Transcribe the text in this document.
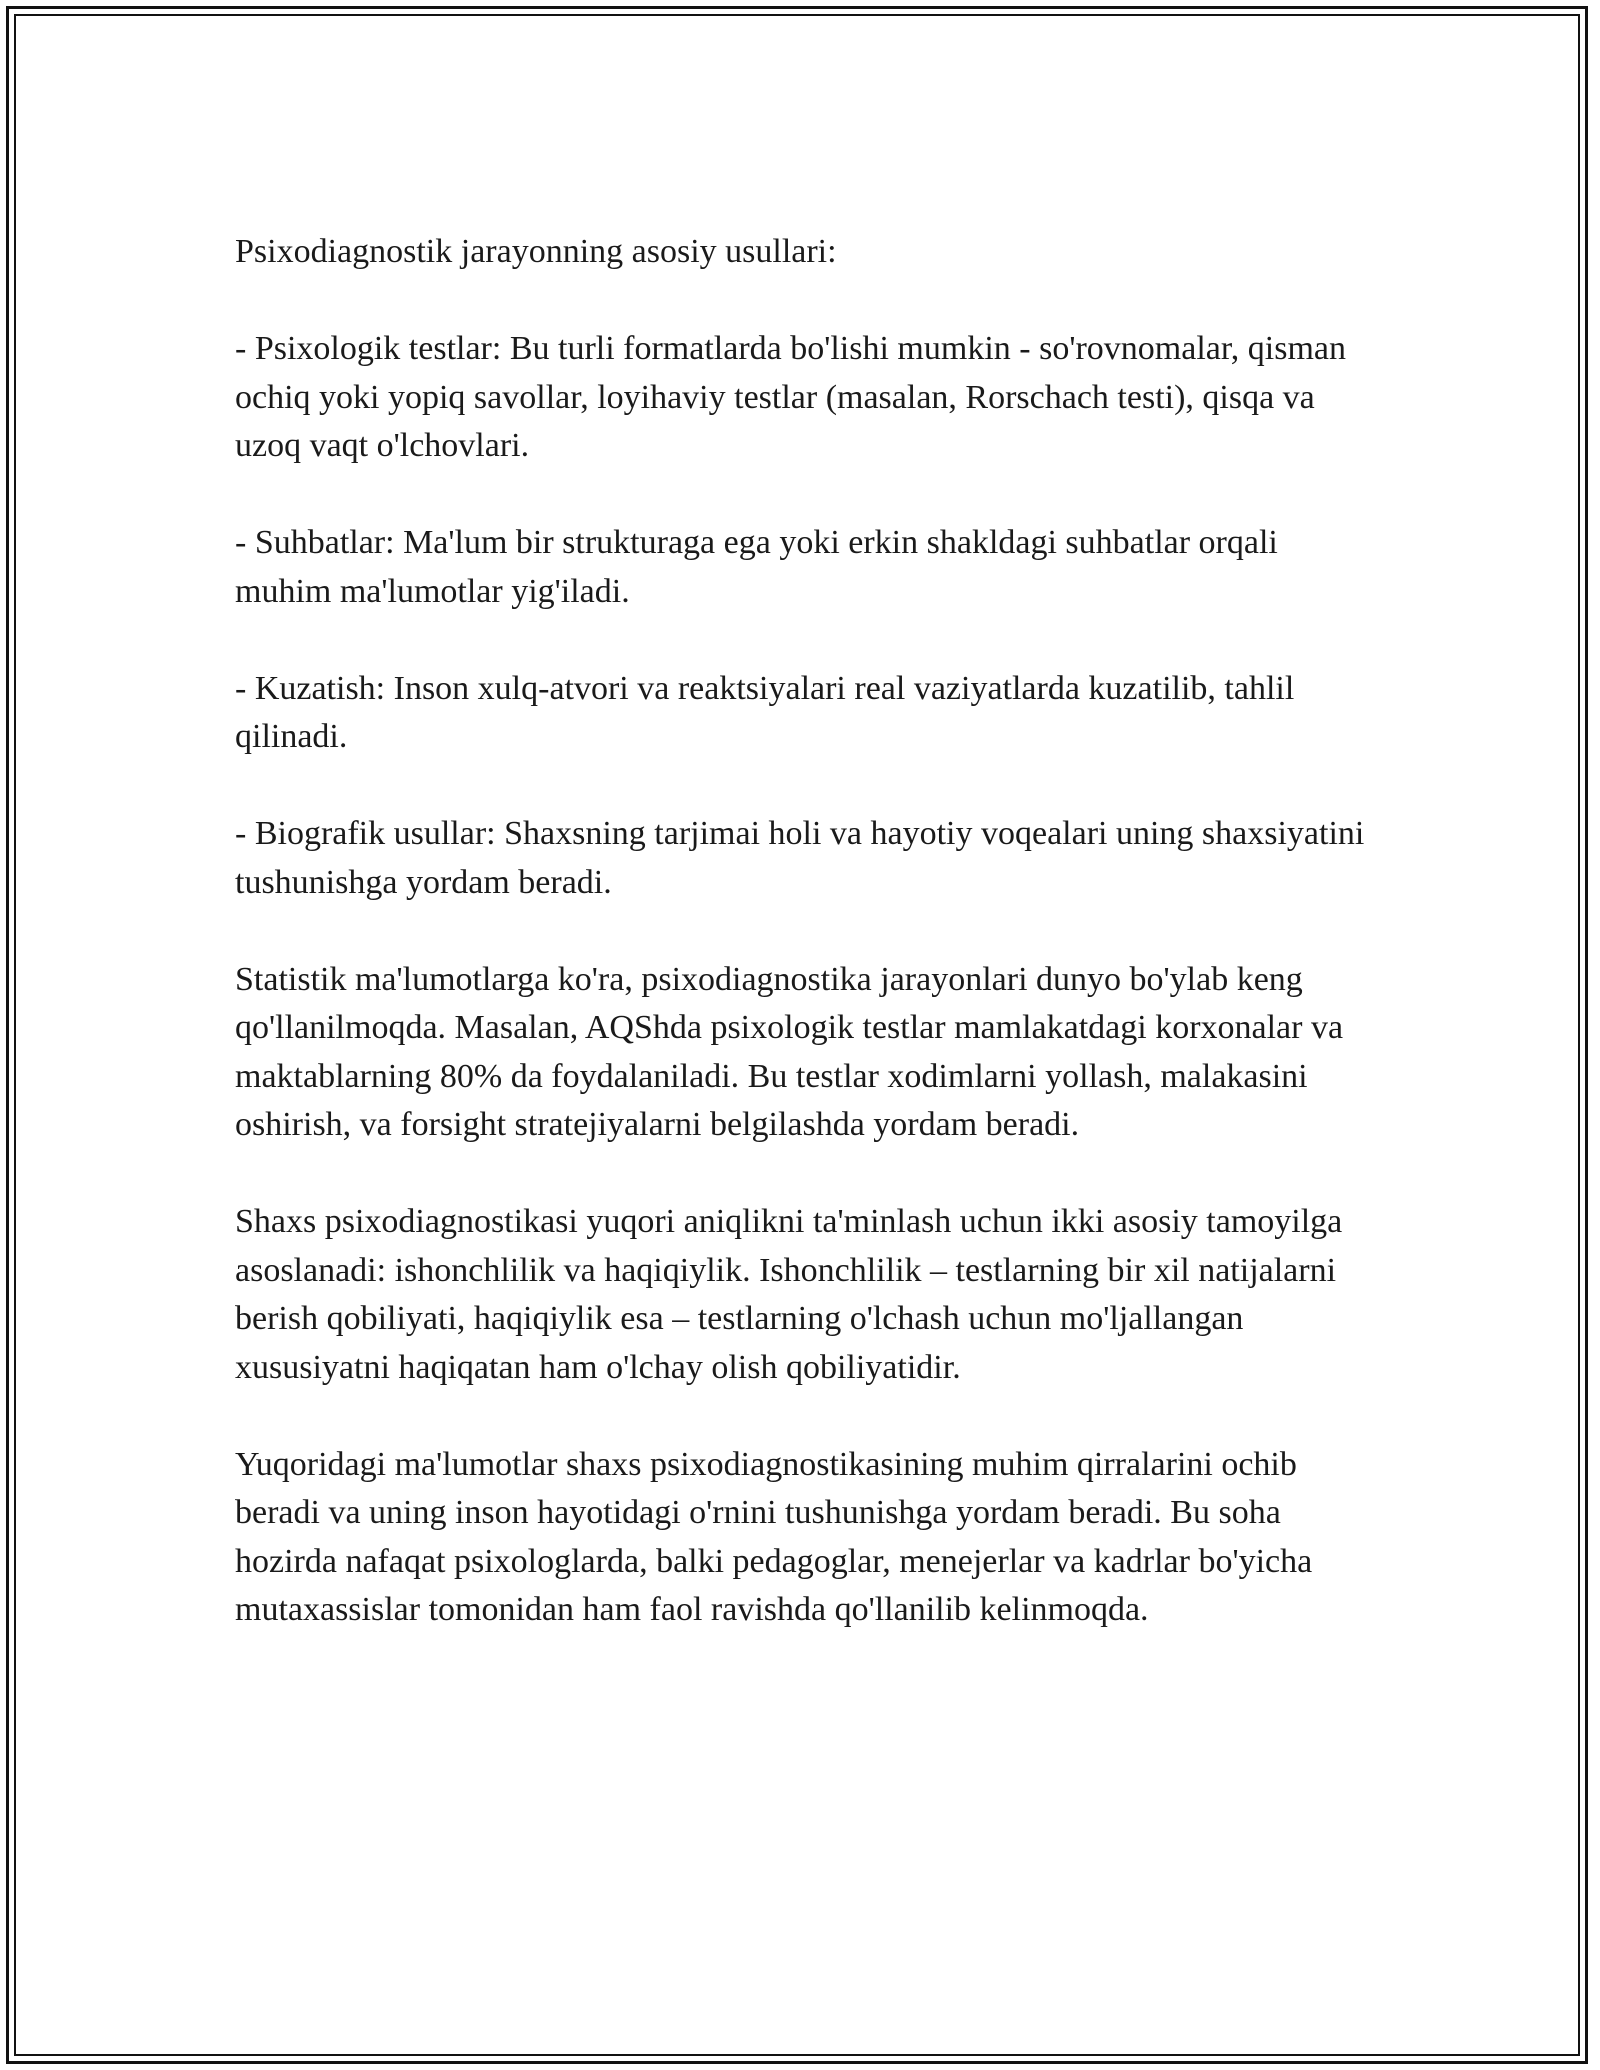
Psixodiagnostik jarayonning asosiy usullari:

- Psixologik testlar: Bu turli formatlarda bo'lishi mumkin - so'rovnomalar, qisman ochiq yoki yopiq savollar, loyihaviy testlar (masalan, Rorschach testi), qisqa va uzoq vaqt o'lchovlari.

- Suhbatlar: Ma'lum bir strukturaga ega yoki erkin shakldagi suhbatlar orqali muhim ma'lumotlar yig'iladi.

- Kuzatish: Inson xulq-atvori va reaktsiyalari real vaziyatlarda kuzatilib, tahlil qilinadi.

- Biografik usullar: Shaxsning tarjimai holi va hayotiy voqealari uning shaxsiyatini tushunishga yordam beradi.

Statistik ma'lumotlarga ko'ra, psixodiagnostika jarayonlari dunyo bo'ylab keng qo'llanilmoqda. Masalan, AQShda psixologik testlar mamlakatdagi korxonalar va maktablarning 80% da foydalaniladi. Bu testlar xodimlarni yollash, malakasini oshirish, va forsight stratejiyalarni belgilashda yordam beradi.

Shaxs psixodiagnostikasi yuqori aniqlikni ta'minlash uchun ikki asosiy tamoyilga asoslanadi: ishonchlilik va haqiqiylik. Ishonchlilik – testlarning bir xil natijalarni berish qobiliyati, haqiqiylik esa – testlarning o'lchash uchun mo'ljallangan xususiyatni haqiqatan ham o'lchay olish qobiliyatidir.

Yuqoridagi ma'lumotlar shaxs psixodiagnostikasining muhim qirralarini ochib beradi va uning inson hayotidagi o'rnini tushunishga yordam beradi. Bu soha hozirda nafaqat psixologlarda, balki pedagoglar, menejerlar va kadrlar bo'yicha mutaxassislar tomonidan ham faol ravishda qo'llanilib kelinmoqda.
